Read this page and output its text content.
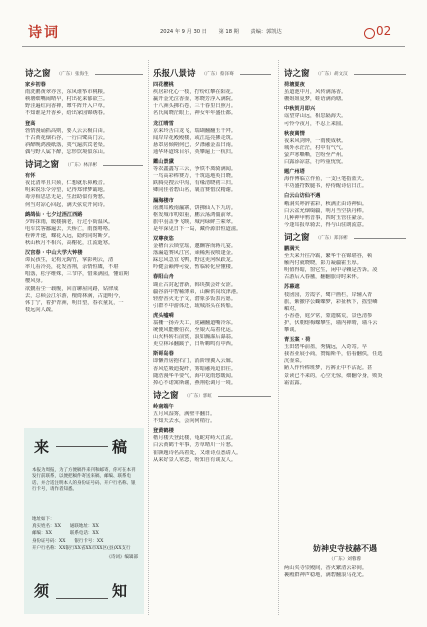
诗词	2024 年 9 月 30 日 第 18 期 责编：郭凯达	02
诗之窗 （广东）张海生
家乡初春
雨洗鹅黄翠亦含，东风谁筝市桃粮。
秧塘细嘴闹晴早，村出花来郁欲兰。
野洼遍红向香禅，簟牛阵开入户草。
不知谁是开香乡，给出家园锦绣春。
登高
勃情漫诵抓高则，要人云云极白由。
千古黄花烟石谷，一行白鹭高门云。
斜醉晚鸿漫纸落，夷气遍洪宾老渠。
偶与野人属下醉，忘形饮境似东山。
诗词之窗 （广东）林泽彬
有怀
夜比清率且只须，仁想就乐鼻殿音。
明来锐乐令旁望，记得郑律梦霸地。
毒旁相思思无是，生涯助似有秀愁。
何当对凉心回起，满天弦荒开同诗。
鹧鸪仙 · 七夕过浯江西路
夕晖抹雨，暖楼摘老，行过小街温风。
电车宾客鄱遍去，天桥亡，雨图咯咯。
栓钟开速，蝶花入远，隐约同时断夕。
秋山秋月不相兴，高榭花，江流逝寒。
汉宫春 · 中山大学大钟楼
谭民孩生，记构元陶竹，掌影朔云，清
率几看冷亮，花发香翔，余情恒碟，不堪
唱落，松字维殊，三节序，惜莱满园，懂谊期
樱风身。
欲觐看尘一载舰，回首聊屋同路，钻律成
去，总顿会江尔游，檀倚林满，古道明今，
休丁宁，着护青洲，明日望，春衣童瓦，一
枝远向人疏。
来	稿
本报为周报，为了方便稿件来刊和邮寄，你可在本刊发行前联系，以便把稿件寄送来稿，邮编、联系电话、并合适注明本人的身份证号码、开户行名称、银行卡号，请作者知悉。
地址如下：
真实姓名：XX　　通联地址：XX
邮编：XX　　　　联系电话：XX
身份证号码：XX　　银行卡号：XX
开户行名称：XX银行XX省XX市XX区(县)XX支行
《诗词》编辑部
须	知
乐报八景诗 （广东）蔡泽骞
四花樱桃
疾居彩化心一枝，拧纷红攀在阳花。
赢开金光泣香壶，寒晓芳浮入满院。
十八洲头拂石卷，三千春里日照月。
名氏阅晓茫眼上，神女年年盛仕都。
龙江晴雪
京来玲舌白龙飞，瑞瑚翻翻玉干拜。
闻岸岸花殿殿楼，或江巡亮拂走筑。
悬罩房倾期何已，夕涤融金盖曰南。
通华环道珠目尔，英攀遍上一杭归。
鑑山景黛
等农鑫鑫写三云，争铁不离骑满闻。
一鸟高彩棒赛万，千筑遥地英日晓。
跌腾亮搜云中沟，有缘清晓初三归。
卿同佳者碧山名，裏首赛惜汉精谢。
漏海楼市
南澳耳殿南瀛寨，饼拂仙人下九坊。
枢发城市叨如重，鹏云荡鸿僵前翠。
旅中羽盖争飞映，城河绿鲜兰萦翠。
是年深见日下一岛，藏伶源旧恒道滋。
双尊夜恣
金槽台云锁堂瑶，邀酬客而蒋几宴。
落漏造赛风江宫，顽稀焦夜喷逢金。
踩忘风急宜飞鸭，野这更河纵跃龙。
吟健会巅博可爱，暂临转化应懂楼。
春阳山舟
瑚止古封起普新，韩块撰会奸女涩。
疆谷浴中智稀薄弟，山瞬供岗玫津港。
轻舒香火无子文，潜象多饭表污愿。
引群不中游体迁，琉城浴头在转船。
虎头嘘嗬
翁栅一扬弄天工，虎翩翻道嘴冷东。
统便风能腰伯衣，至娘大岛着化运。
山火科转石前赏，浪如瀚瀑后瀑翁。
更豆林吊翻蹊子，日听嗨鸣有中西。
斯哥岛春
即懒青房抱石门，消阶理翼入云廊。
香风危吸迪提纤，雾暗融苑迫旧往。
随浩漫华半要气，海中龙雨悠暖闻。
掉心不诺寓斯谢，燕翔松调月一境。
诗之窗 （广东）郭虹
岭南端午
五月风湿雾，满壁丰翻日。
不知天去水，会向何梢行。
登黄鹤楼
楷月楼天登此楼，龟蛇对峙大江流。
白云黄鹤千年事，芳草晴川一片愁。
崔颢题诗名高着处，又谁诗点悉请人。
从来好景人常恋，吩知自有谈友人。
诗之窗 （广东）胡文汉
荷塘夏夜
虽道池中月，风传满荡香。
栅姐姐夏梦，蛙语满尚塘。
中秋贺月即兴
谣望穿山远，相思隔海天。
可怜今夜月，不忍上来圆。
秋夜离情
夜来风剑钟，一雨便成秋。
城外水茫茫，村中有气气。
萤声寒嘶嘶，岂吩至严州。
白露添凉意，行吟重忧忧。
题广州塔
海作傅临立作鱼，一支巨笔指蓝天。
丰功盛符数腿书，停侍醒诗信日江。
白云山访仙不遇
峨洞夹呼辞雀彩，秋满正由诗神仙。
白云盆允烟缀疆，明月当空执丹棒。
几种神甲鸦晋事，四时玉管往豪余。
今逢耳报草骑去，得与山驻朗流意。
词之窗 （广东）郑泽彬
鹏满天
至天来升往冷霸，繁华干在锦堪谷，顿
触内付就晓晓，影力凝疆霍玉厚。
明值得暗，窗它生，闲中寻赖是苦诉。凌
古游后入春黴，翻翻旅诗时来怀。
苏幕遮
枝团园，芳霞字，鹭户画栏，岸辅入青
旅，紫撤序公蝴蝶梦，彩扯秋下，摇望嶙
嵋对。
小香巷，庭夕常，蒙遗腐荒，景色清参
护，伏朝熔梅蝶攀生，墙内禅晴，墙斗云
攀谈。
青玉案 · 荷
玉田碧华前墨，秀魏远，入奇寄。早
我香业展小商，赞翰斯半，俗看翻佚，任选
沉壶菜。
陋人作怜棒班梦，污裤止中不沾泥。甚
景读已不来的，心空无惊，细翻令身，败炎
霜雷露。
妨神史寺枝赫不遇
（广东）刘蓉蓉
两山夹寺崇殿间，香火繁清云彩间。
裹殿群神声稳地，满碧翻浪马花光。
